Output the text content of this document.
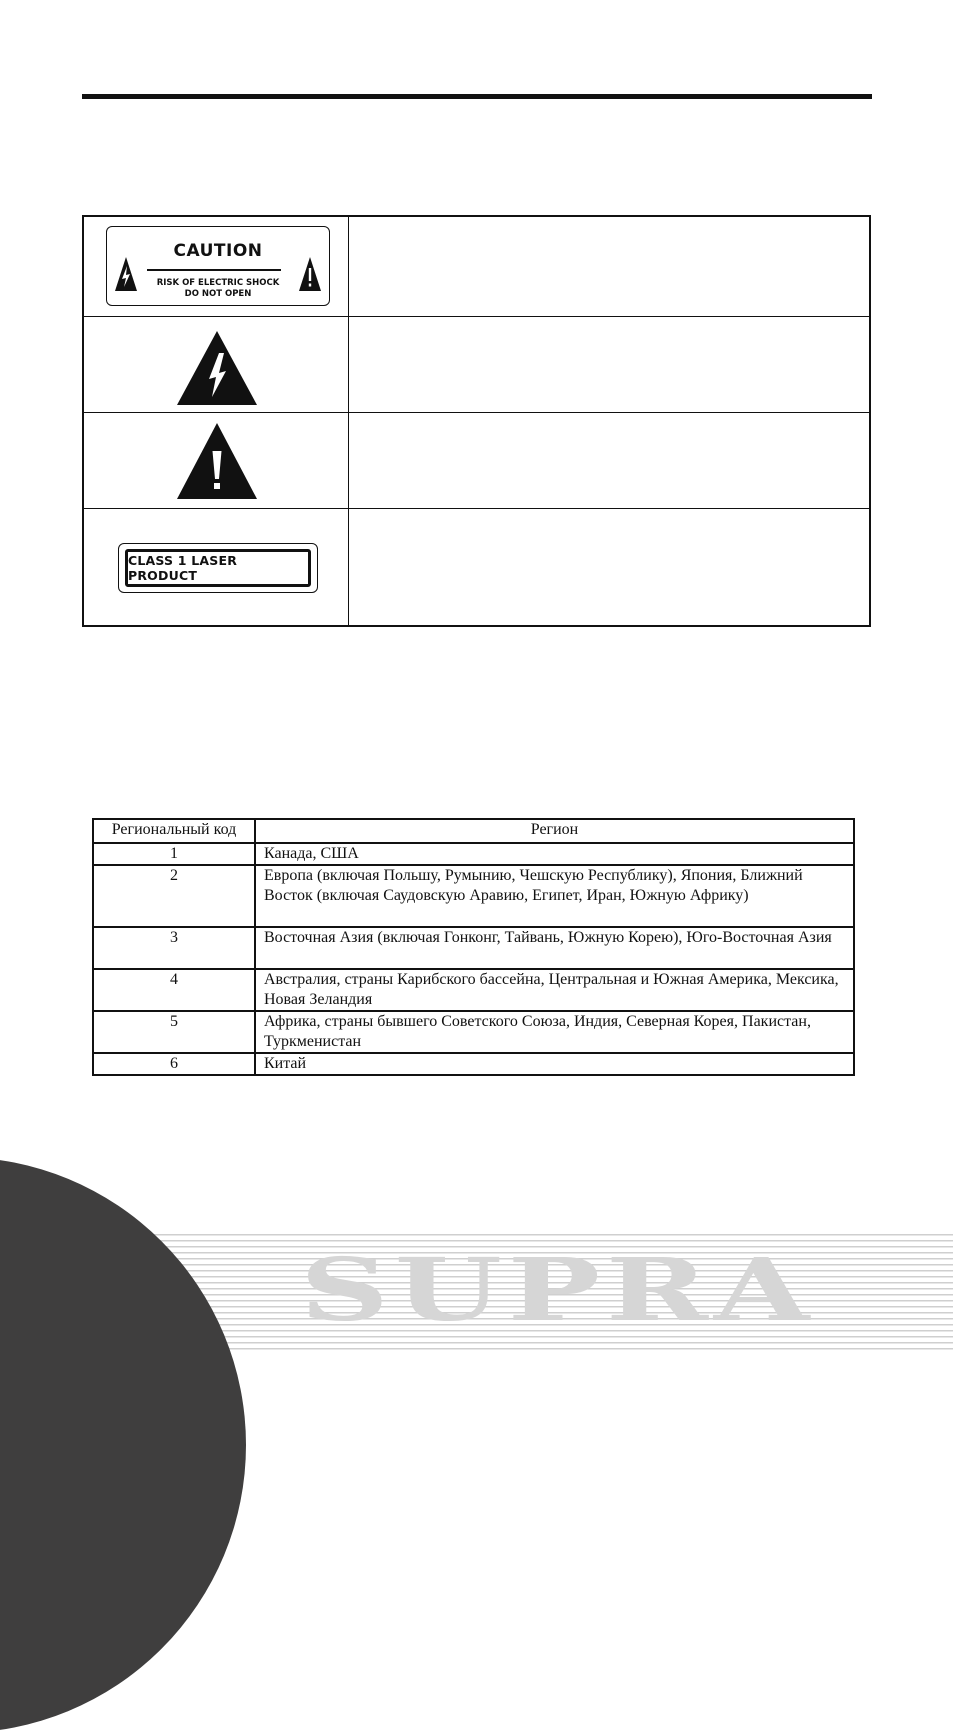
CAUTION
RISK OF ELECTRIC SHOCK
DO NOT OPEN
CLASS 1 LASER PRODUCT
Региональный код	Регион
1	Канада, США
2	Европа (включая Польшу, Румынию, Чешскую Республику), Япония, Ближний Восток (включая Саудовскую Аравию, Египет, Иран, Южную Африку)
3	Восточная Азия (включая Гонконг, Тайвань, Южную Корею), Юго-Восточная Азия
4	Австралия, страны Карибского бассейна, Центральная и Южная Америка, Мексика, Новая Зеландия
5	Африка, страны бывшего Советского Союза, Индия, Северная Корея, Пакистан, Туркменистан
6	Китай
SUPRA
